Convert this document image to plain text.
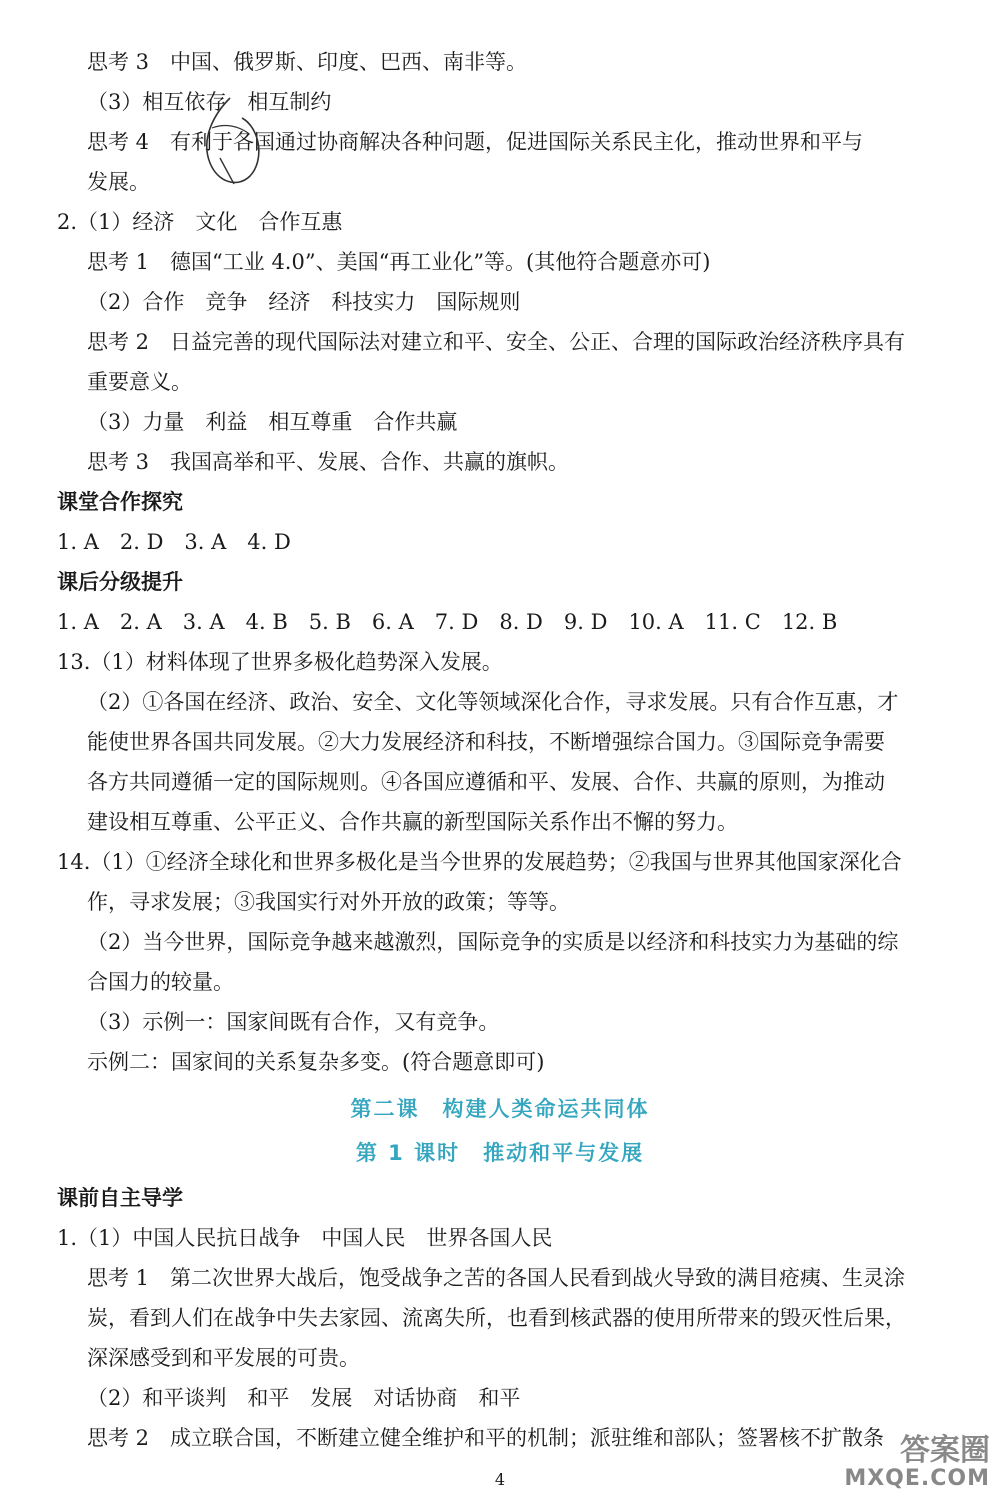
思考 3　中国、俄罗斯、印度、巴西、南非等。
（3）相互依存　相互制约
思考 4　有利于各国通过协商解决各种问题，促进国际关系民主化，推动世界和平与
发展。
2.（1）经济　文化　合作互惠
思考 1　德国“工业 4.0”、美国“再工业化”等。(其他符合题意亦可)
（2）合作　竞争　经济　科技实力　国际规则
思考 2　日益完善的现代国际法对建立和平、安全、公正、合理的国际政治经济秩序具有
重要意义。
（3）力量　利益　相互尊重　合作共赢
思考 3　我国高举和平、发展、合作、共赢的旗帜。
课堂合作探究
1. A　2. D　3. A　4. D
课后分级提升
1. A　2. A　3. A　4. B　5. B　6. A　7. D　8. D　9. D　10. A　11. C　12. B
13.（1）材料体现了世界多极化趋势深入发展。
（2）①各国在经济、政治、安全、文化等领域深化合作，寻求发展。只有合作互惠，才
能使世界各国共同发展。②大力发展经济和科技，不断增强综合国力。③国际竞争需要
各方共同遵循一定的国际规则。④各国应遵循和平、发展、合作、共赢的原则，为推动
建设相互尊重、公平正义、合作共赢的新型国际关系作出不懈的努力。
14.（1）①经济全球化和世界多极化是当今世界的发展趋势；②我国与世界其他国家深化合
作，寻求发展；③我国实行对外开放的政策；等等。
（2）当今世界，国际竞争越来越激烈，国际竞争的实质是以经济和科技实力为基础的综
合国力的较量。
（3）示例一：国家间既有合作，又有竞争。
示例二：国家间的关系复杂多变。(符合题意即可)
第二课　构建人类命运共同体
第 1 课时　推动和平与发展
课前自主导学
1.（1）中国人民抗日战争　中国人民　世界各国人民
思考 1　第二次世界大战后，饱受战争之苦的各国人民看到战火导致的满目疮痍、生灵涂
炭，看到人们在战争中失去家园、流离失所，也看到核武器的使用所带来的毁灭性后果，
深深感受到和平发展的可贵。
（2）和平谈判　和平　发展　对话协商　和平
思考 2　成立联合国，不断建立健全维护和平的机制；派驻维和部队；签署核不扩散条
4
答案圈
MXQE.COM
